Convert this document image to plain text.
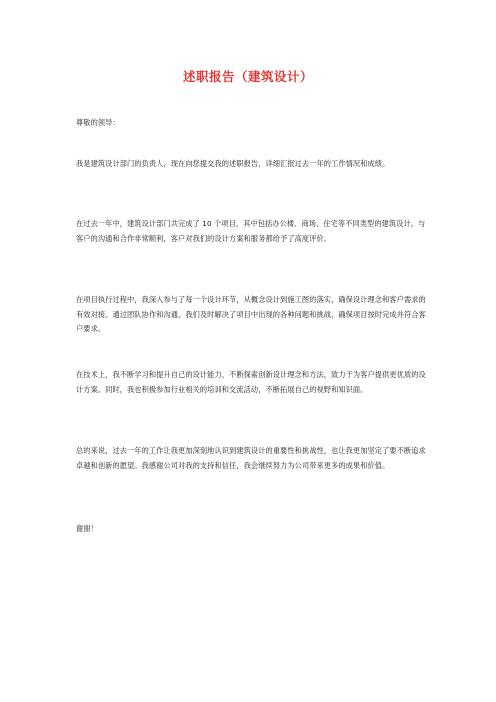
述职报告（建筑设计）

尊敬的领导：

我是建筑设计部门的负责人，现在向您提交我的述职报告，详细汇报过去一年的工作情况和成绩。

在过去一年中，建筑设计部门共完成了 10 个项目，其中包括办公楼、商场、住宅等不同类型的建筑设计。与客户的沟通和合作非常顺利，客户对我们的设计方案和服务都给予了高度评价。

在项目执行过程中，我深入参与了每一个设计环节，从概念设计到施工图的落实，确保设计理念和客户需求的有效对接。通过团队协作和沟通，我们及时解决了项目中出现的各种问题和挑战，确保项目按时完成并符合客户要求。

在技术上，我不断学习和提升自己的设计能力，不断探索创新设计理念和方法，致力于为客户提供更优质的设计方案。同时，我也积极参加行业相关的培训和交流活动，不断拓展自己的视野和知识面。

总的来说，过去一年的工作让我更加深刻地认识到建筑设计的重要性和挑战性，也让我更加坚定了要不断追求卓越和创新的愿望。我感谢公司对我的支持和信任，我会继续努力为公司带来更多的成果和价值。

谢谢！
